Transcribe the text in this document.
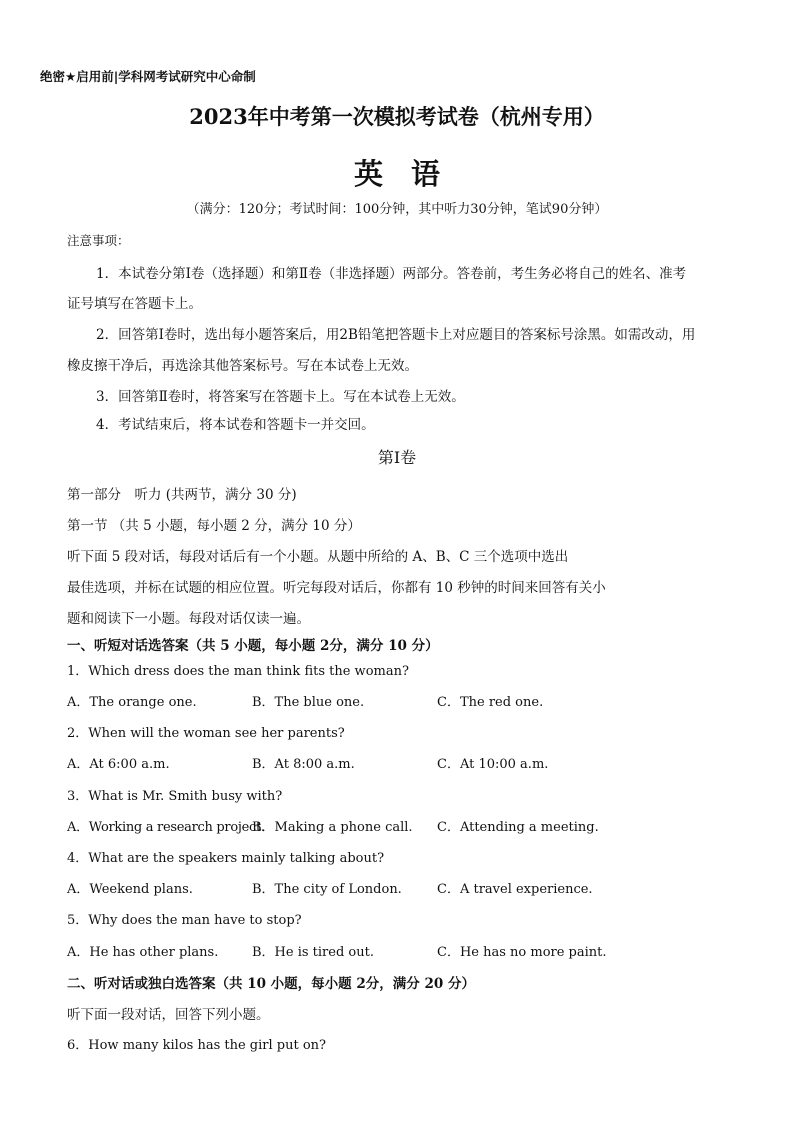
绝密★启用前|学科网考试研究中心命制
2023年中考第一次模拟考试卷（杭州专用）
英语
（满分：120分；考试时间：100分钟，其中听力30分钟，笔试90分钟）
注意事项：
1．本试卷分第Ⅰ卷（选择题）和第Ⅱ卷（非选择题）两部分。答卷前，考生务必将自己的姓名、准考
证号填写在答题卡上。
2．回答第Ⅰ卷时，选出每小题答案后，用2B铅笔把答题卡上对应题目的答案标号涂黑。如需改动，用
橡皮擦干净后，再选涂其他答案标号。写在本试卷上无效。
3．回答第Ⅱ卷时，将答案写在答题卡上。写在本试卷上无效。
4．考试结束后，将本试卷和答题卡一并交回。
第I卷
第一部分　听力 (共两节，满分 30 分)
第一节 （共 5 小题，每小题 2 分，满分 10 分）
听下面 5 段对话，每段对话后有一个小题。从题中所给的 A、B、C 三个选项中选出
最佳选项，并标在试题的相应位置。听完每段对话后，你都有 10 秒钟的时间来回答有关小
题和阅读下一小题。每段对话仅读一遍。
一、听短对话选答案（共 5 小题，每小题 2分，满分 10 分）
1．Which dress does the man think fits the woman?
A．The orange one.	B．The blue one.	C．The red one.
2．When will the woman see her parents?
A．At 6:00 a.m.	B．At 8:00 a.m.	C．At 10:00 a.m.
3．What is Mr. Smith busy with?
A．Working a research project.
B．Making a phone call. C．Attending a meeting.
4．What are the speakers mainly talking about?
A．Weekend plans.	B．The city of London.	C．A travel experience.
5．Why does the man have to stop?
A．He has other plans.	B．He is tired out.	C．He has no more paint.
二、听对话或独白选答案（共 10 小题，每小题 2分，满分 20 分）
听下面一段对话，回答下列小题。
6．How many kilos has the girl put on?
